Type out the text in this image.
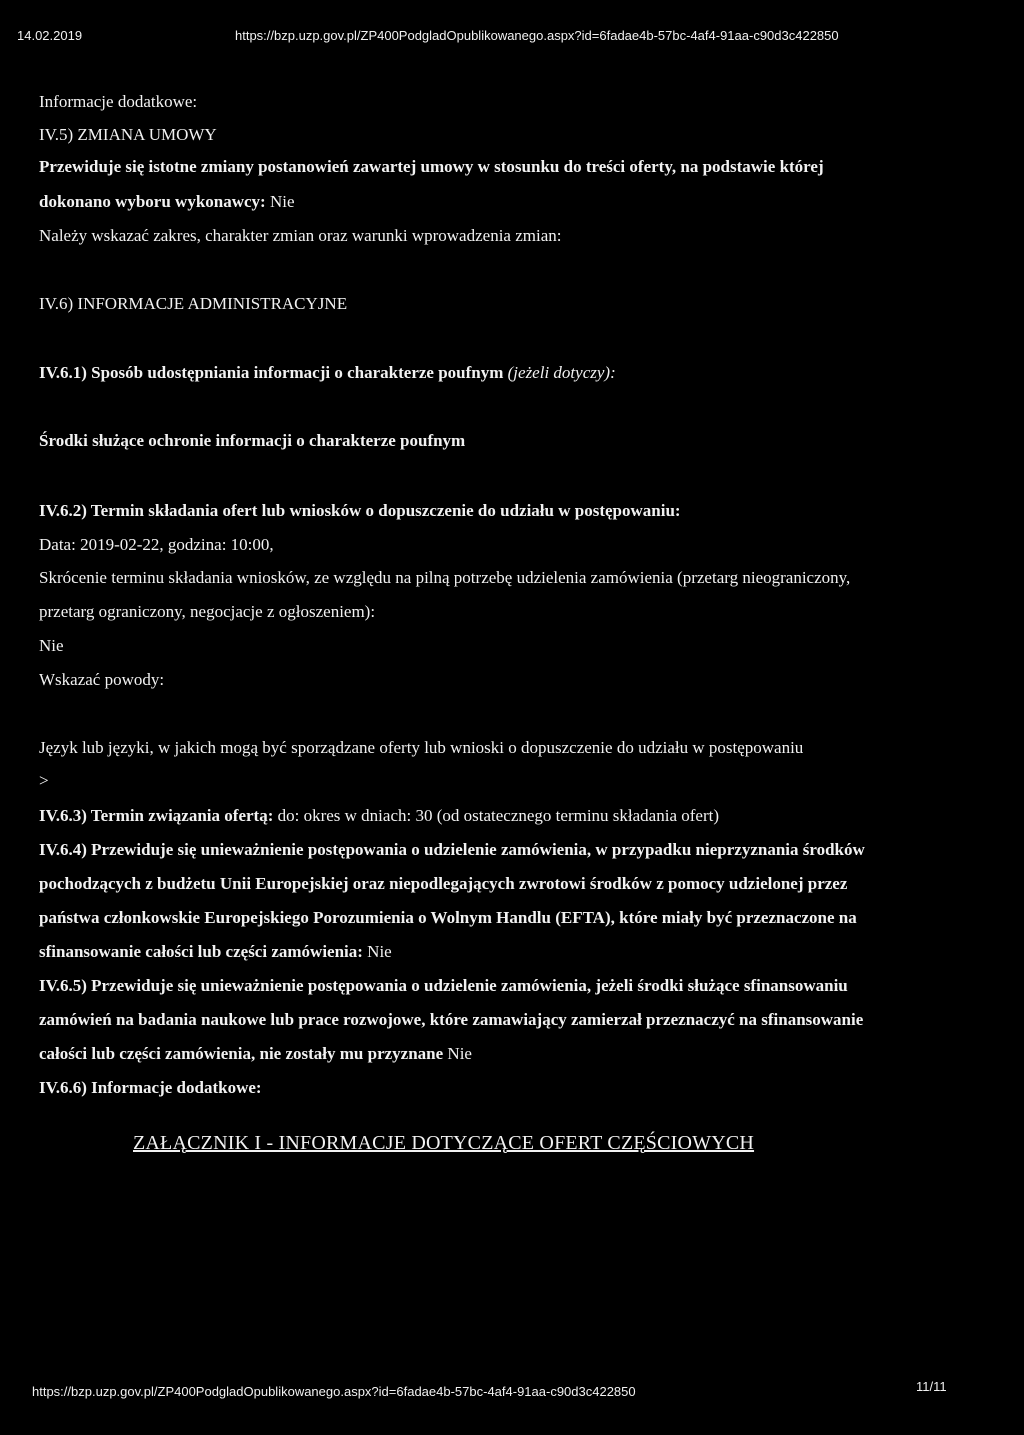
14.02.2019	https://bzp.uzp.gov.pl/ZP400PodgladOpublikowanego.aspx?id=6fadae4b-57bc-4af4-91aa-c90d3c422850
Informacje dodatkowe:
IV.5) ZMIANA UMOWY
Przewiduje się istotne zmiany postanowień zawartej umowy w stosunku do treści oferty, na podstawie której
dokonano wyboru wykonawcy: Nie
Należy wskazać zakres, charakter zmian oraz warunki wprowadzenia zmian:
IV.6) INFORMACJE ADMINISTRACYJNE
IV.6.1) Sposób udostępniania informacji o charakterze poufnym (jeżeli dotyczy):
Środki służące ochronie informacji o charakterze poufnym
IV.6.2) Termin składania ofert lub wniosków o dopuszczenie do udziału w postępowaniu:
Data: 2019-02-22, godzina: 10:00,
Skrócenie terminu składania wniosków, ze względu na pilną potrzebę udzielenia zamówienia (przetarg nieograniczony,
przetarg ograniczony, negocjacje z ogłoszeniem):
Nie
Wskazać powody:
Język lub języki, w jakich mogą być sporządzane oferty lub wnioski o dopuszczenie do udziału w postępowaniu
>
IV.6.3) Termin związania ofertą: do: okres w dniach: 30 (od ostatecznego terminu składania ofert)
IV.6.4) Przewiduje się unieważnienie postępowania o udzielenie zamówienia, w przypadku nieprzyznania środków
pochodzących z budżetu Unii Europejskiej oraz niepodlegających zwrotowi środków z pomocy udzielonej przez
państwa członkowskie Europejskiego Porozumienia o Wolnym Handlu (EFTA), które miały być przeznaczone na
sfinansowanie całości lub części zamówienia: Nie
IV.6.5) Przewiduje się unieważnienie postępowania o udzielenie zamówienia, jeżeli środki służące sfinansowaniu
zamówień na badania naukowe lub prace rozwojowe, które zamawiający zamierzał przeznaczyć na sfinansowanie
całości lub części zamówienia, nie zostały mu przyznane Nie
IV.6.6) Informacje dodatkowe:
ZAŁĄCZNIK I - INFORMACJE DOTYCZĄCE OFERT CZĘŚCIOWYCH
https://bzp.uzp.gov.pl/ZP400PodgladOpublikowanego.aspx?id=6fadae4b-57bc-4af4-91aa-c90d3c422850	11/11
